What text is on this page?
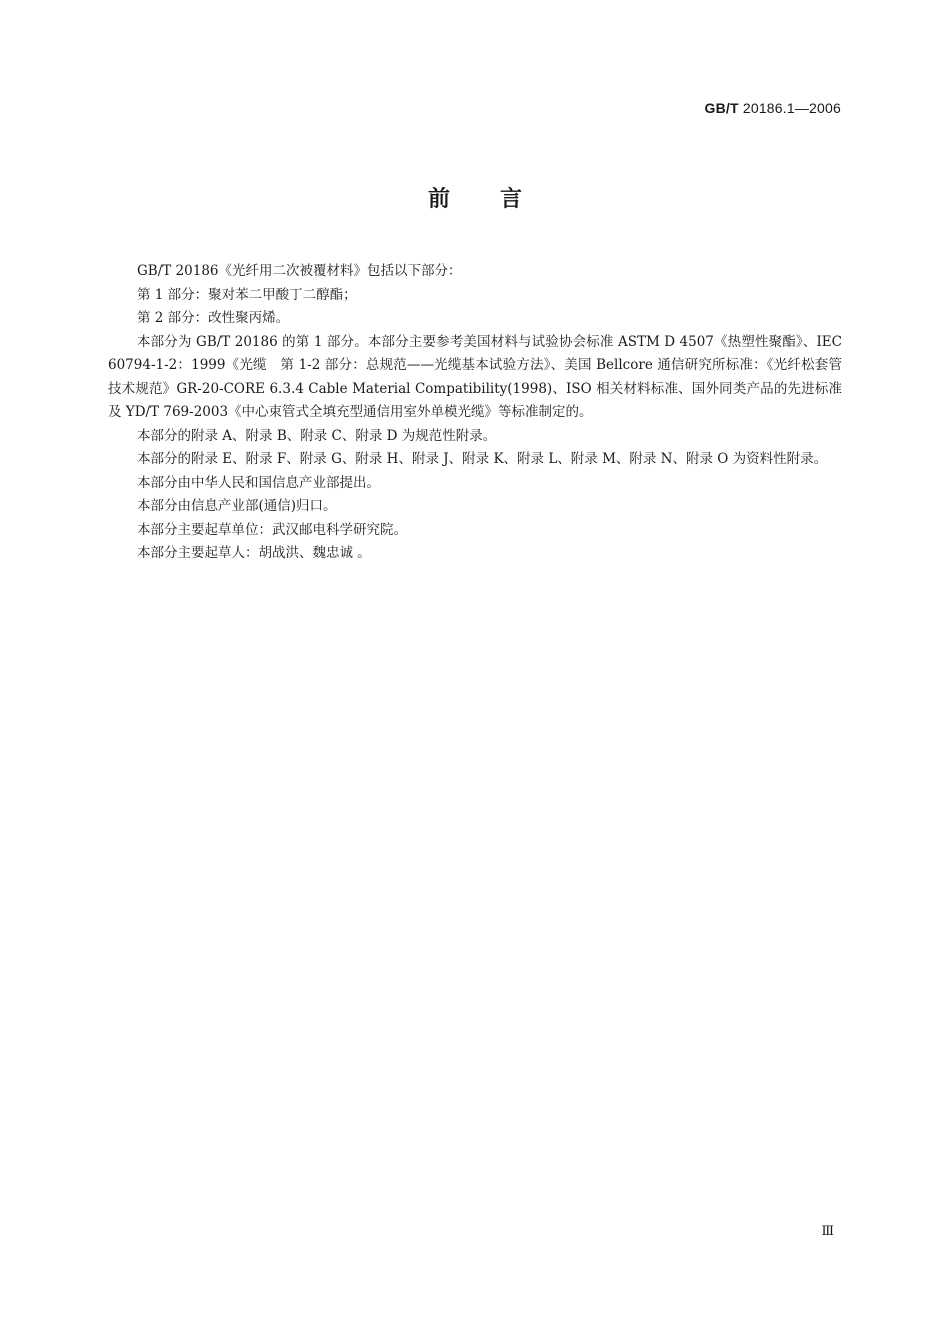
GB/T 20186.1—2006
前言

GB/T 20186《光纤用二次被覆材料》包括以下部分：

第 1 部分：聚对苯二甲酸丁二醇酯；

第 2 部分：改性聚丙烯。

本部分为 GB/T 20186 的第 1 部分。本部分主要参考美国材料与试验协会标准 ASTM D 4507《热塑性聚酯》、IEC 60794-1-2：1999《光缆　第 1-2 部分：总规范——光缆基本试验方法》、美国 Bellcore 通信研究所标准：《光纤松套管技术规范》GR-20-CORE 6.3.4 Cable Material Compatibility(1998)、ISO 相关材料标准、国外同类产品的先进标准及 YD/T 769-2003《中心束管式全填充型通信用室外单模光缆》等标准制定的。

本部分的附录 A、附录 B、附录 C、附录 D 为规范性附录。

本部分的附录 E、附录 F、附录 G、附录 H、附录 J、附录 K、附录 L、附录 M、附录 N、附录 O 为资料性附录。

本部分由中华人民和国信息产业部提出。

本部分由信息产业部(通信)归口。

本部分主要起草单位：武汉邮电科学研究院。

本部分主要起草人：胡战洪、魏忠诚 。

Ⅲ
